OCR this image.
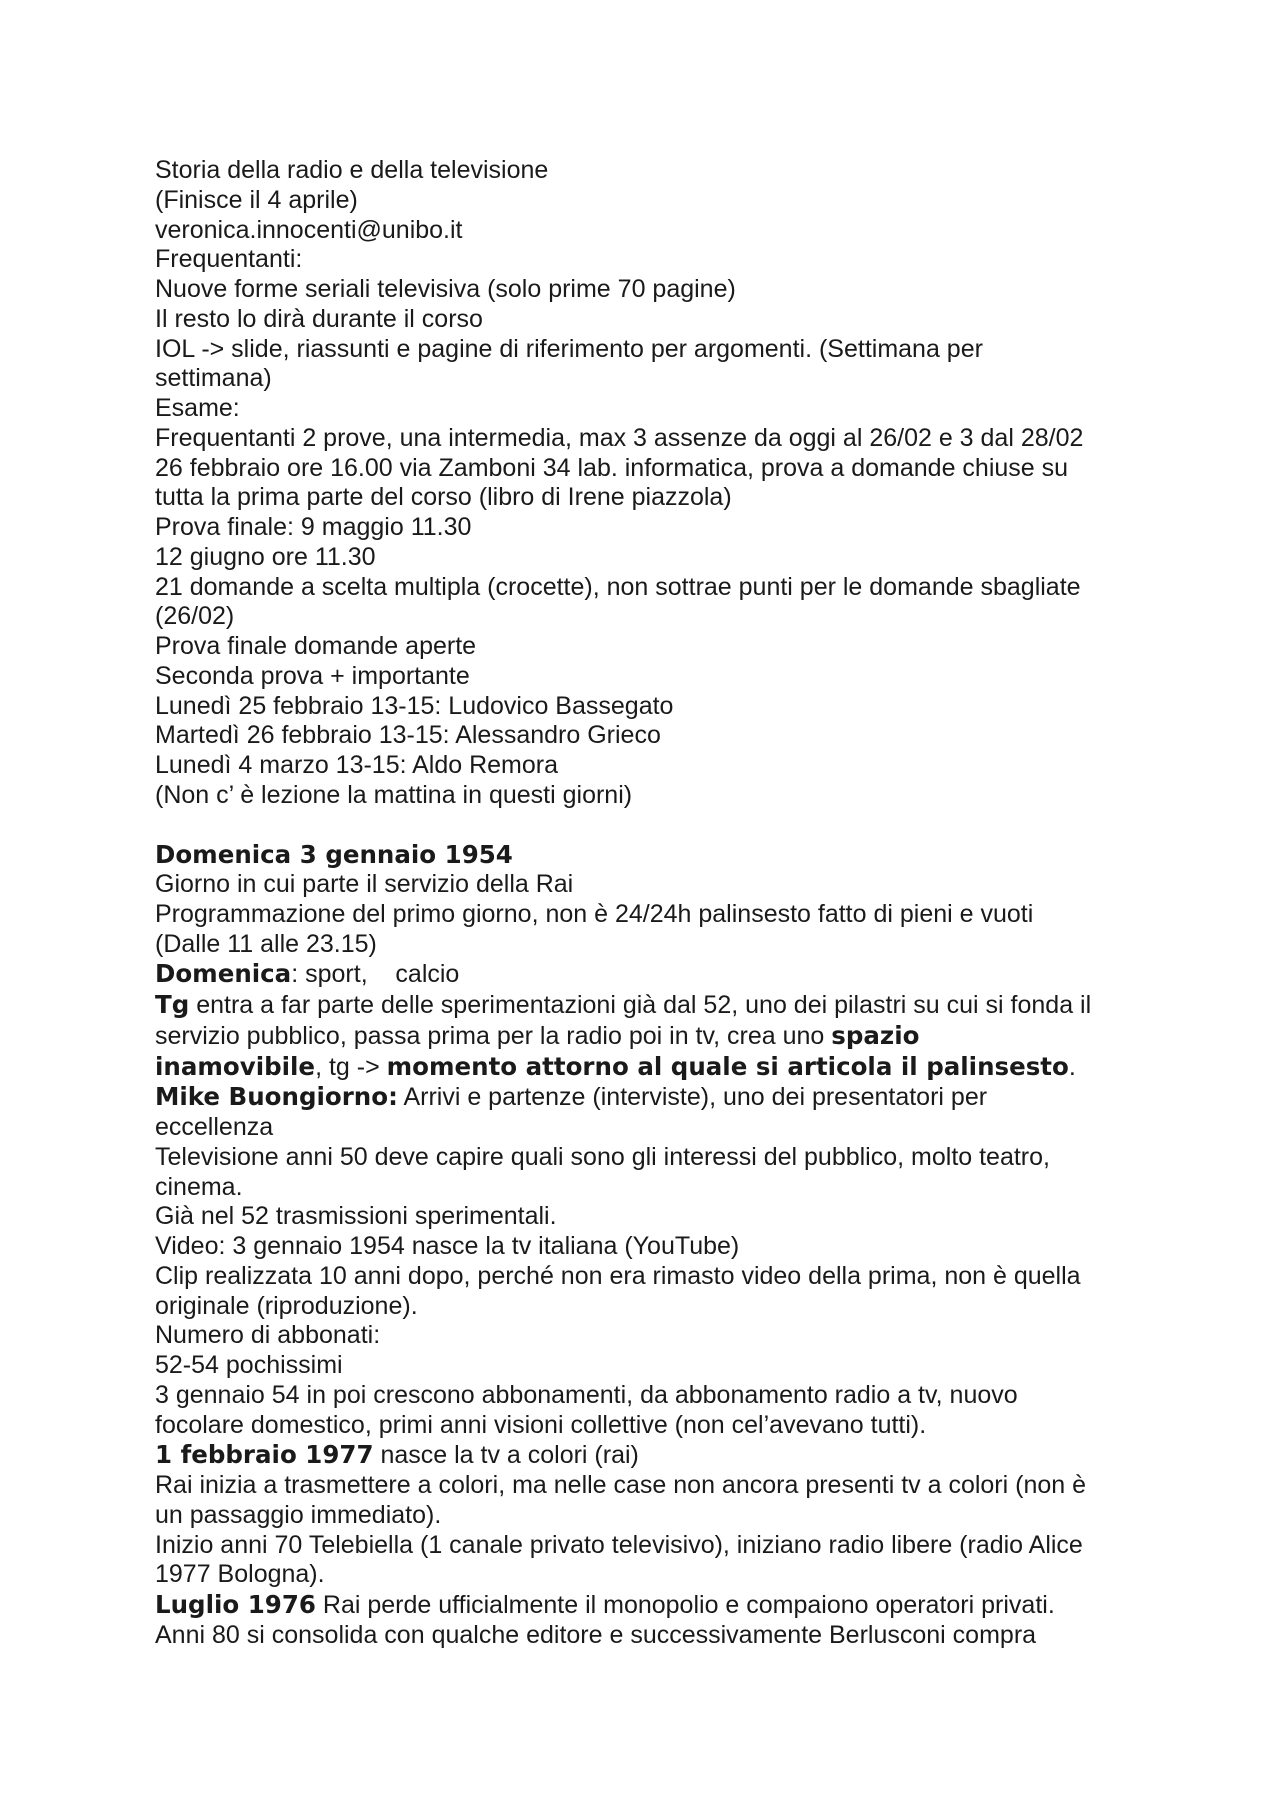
Storia della radio e della televisione
(Finisce il 4 aprile)
veronica.innocenti@unibo.it
Frequentanti:
Nuove forme seriali televisiva (solo prime 70 pagine)
Il resto lo dirà durante il corso
IOL -> slide, riassunti e pagine di riferimento per argomenti. (Settimana per
settimana)
Esame:
Frequentanti 2 prove, una intermedia, max 3 assenze da oggi al 26/02 e 3 dal 28/02
26 febbraio ore 16.00 via Zamboni 34 lab. informatica, prova a domande chiuse su
tutta la prima parte del corso (libro di Irene piazzola)
Prova finale: 9 maggio 11.30
12 giugno ore 11.30
21 domande a scelta multipla (crocette), non sottrae punti per le domande sbagliate
(26/02)
Prova finale domande aperte
Seconda prova + importante
Lunedì 25 febbraio 13-15: Ludovico Bassegato
Martedì 26 febbraio 13-15: Alessandro Grieco
Lunedì 4 marzo 13-15: Aldo Remora
(Non c’ è lezione la mattina in questi giorni)
Domenica 3 gennaio 1954
Giorno in cui parte il servizio della Rai
Programmazione del primo giorno, non è 24/24h palinsesto fatto di pieni e vuoti
(Dalle 11 alle 23.15)
Domenica: sport,    calcio
Tg entra a far parte delle sperimentazioni già dal 52, uno dei pilastri su cui si fonda il
servizio pubblico, passa prima per la radio poi in tv, crea uno spazio
inamovibile, tg -> momento attorno al quale si articola il palinsesto.
Mike Buongiorno: Arrivi e partenze (interviste), uno dei presentatori per
eccellenza
Televisione anni 50 deve capire quali sono gli interessi del pubblico, molto teatro,
cinema.
Già nel 52 trasmissioni sperimentali.
Video: 3 gennaio 1954 nasce la tv italiana (YouTube)
Clip realizzata 10 anni dopo, perché non era rimasto video della prima, non è quella
originale (riproduzione).
Numero di abbonati:
52-54 pochissimi
3 gennaio 54 in poi crescono abbonamenti, da abbonamento radio a tv, nuovo
focolare domestico, primi anni visioni collettive (non cel’avevano tutti).
1 febbraio 1977 nasce la tv a colori (rai)
Rai inizia a trasmettere a colori, ma nelle case non ancora presenti tv a colori (non è
un passaggio immediato).
Inizio anni 70 Telebiella (1 canale privato televisivo), iniziano radio libere (radio Alice
1977 Bologna).
Luglio 1976 Rai perde ufficialmente il monopolio e compaiono operatori privati.
Anni 80 si consolida con qualche editore e successivamente Berlusconi compra
